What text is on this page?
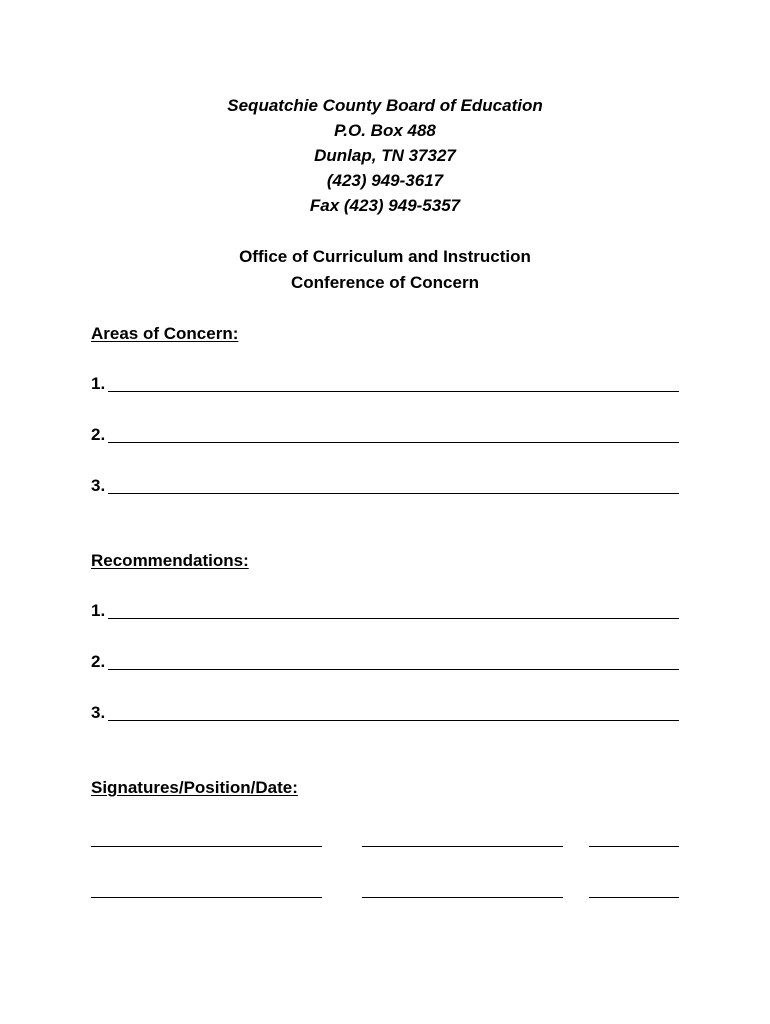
Sequatchie County Board of Education
P.O. Box 488
Dunlap, TN 37327
(423) 949-3617
Fax (423) 949-5357
Office of Curriculum and Instruction
Conference of Concern
Areas of Concern:
1.
2.
3.
Recommendations:
1.
2.
3.
Signatures/Position/Date:
